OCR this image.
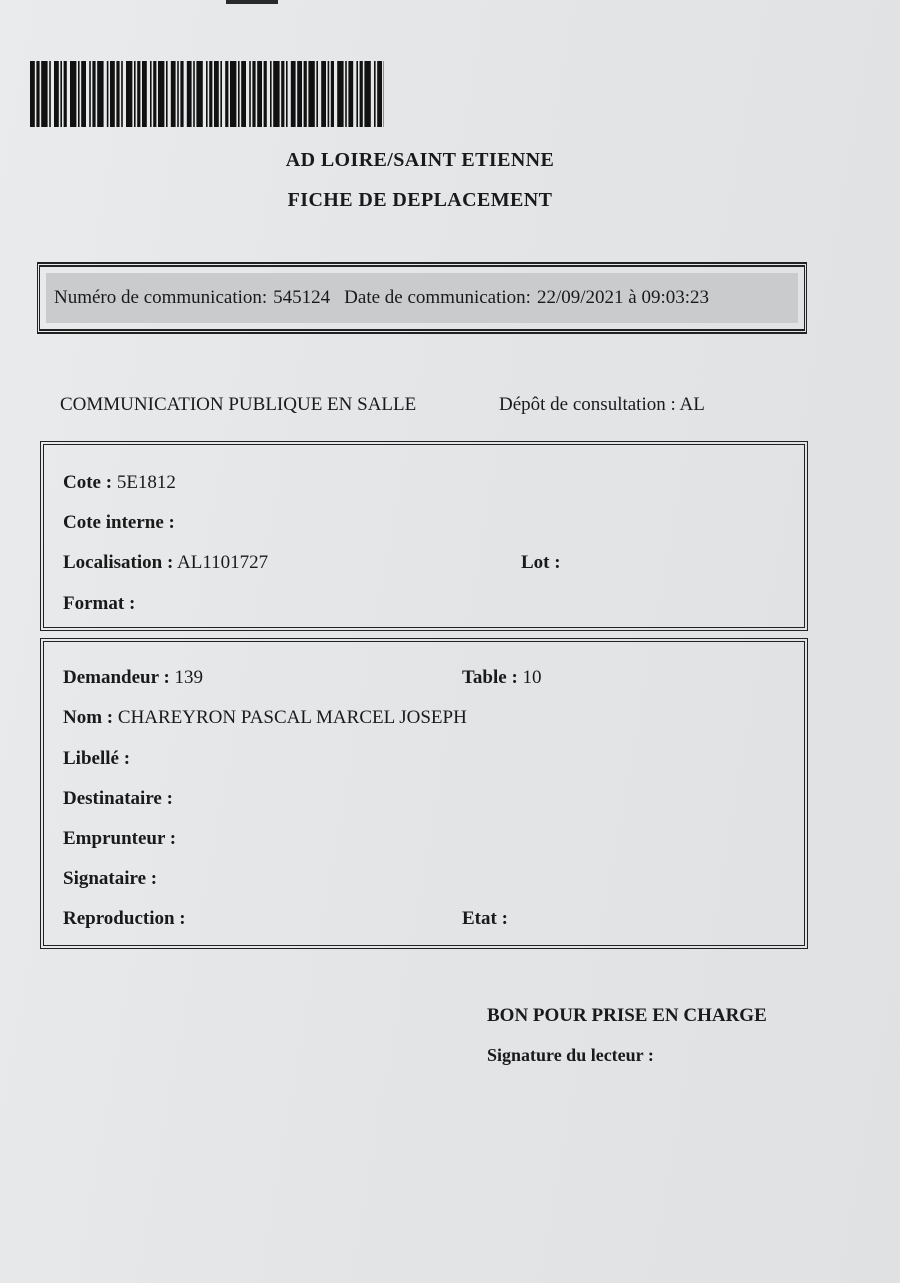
AD LOIRE/SAINT ETIENNE
FICHE DE DEPLACEMENT
Numéro de communication: 545124 Date de communication: 22/09/2021 à 09:03:23
COMMUNICATION PUBLIQUE EN SALLE	Dépôt de consultation : AL
Cote : 5E1812
Cote interne :
Localisation : AL1101727	Lot :
Format :
Demandeur : 139	Table : 10
Nom : CHAREYRON PASCAL MARCEL JOSEPH
Libellé :
Destinataire :
Emprunteur :
Signataire :
Reproduction :	Etat :
BON POUR PRISE EN CHARGE
Signature du lecteur :
